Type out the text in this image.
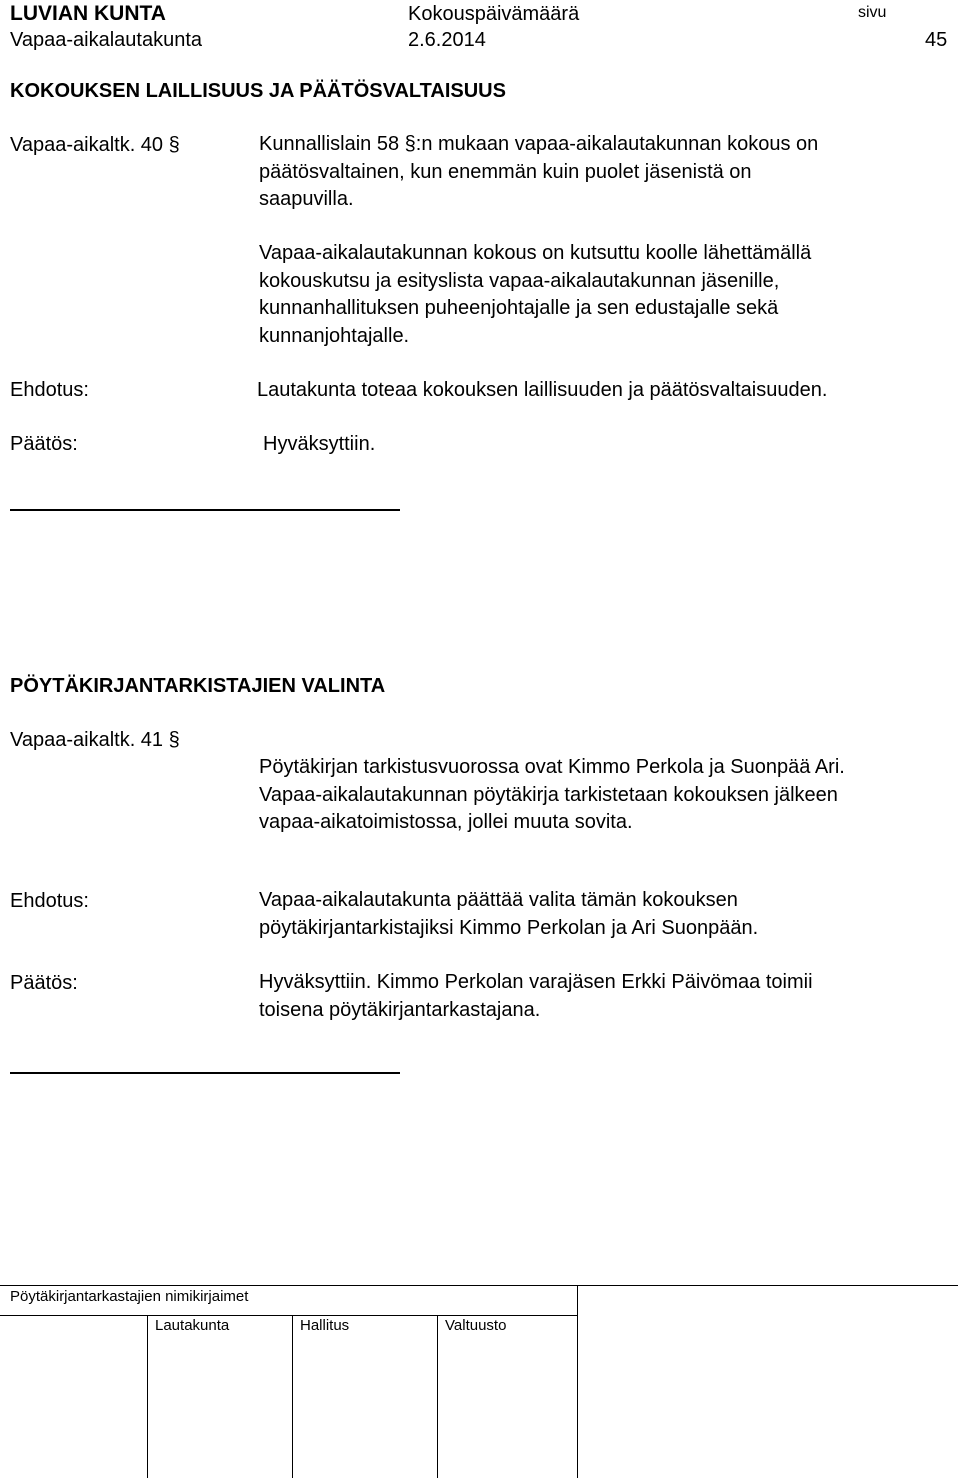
LUVIAN KUNTA	Kokouspäivämäärä	sivu
Vapaa-aikalautakunta	2.6.2014	45
KOKOUKSEN LAILLISUUS JA PÄÄTÖSVALTAISUUS
Vapaa-aikaltk. 40 §	Kunnallislain 58 §:n mukaan vapaa-aikalautakunnan kokous on
päätösvaltainen, kun enemmän kuin puolet jäsenistä on
saapuvilla.
Vapaa-aikalautakunnan kokous on kutsuttu koolle lähettämällä
kokouskutsu ja esityslista vapaa-aikalautakunnan jäsenille,
kunnanhallituksen puheenjohtajalle ja sen edustajalle sekä
kunnanjohtajalle.
Ehdotus:	Lautakunta toteaa kokouksen laillisuuden ja päätösvaltaisuuden.
Päätös:	Hyväksyttiin.
PÖYTÄKIRJANTARKISTAJIEN VALINTA
Vapaa-aikaltk. 41 §
Pöytäkirjan tarkistusvuorossa ovat Kimmo Perkola ja Suonpää Ari.
Vapaa-aikalautakunnan pöytäkirja tarkistetaan kokouksen jälkeen
vapaa-aikatoimistossa, jollei muuta sovita.
Ehdotus:	Vapaa-aikalautakunta päättää valita tämän kokouksen
pöytäkirjantarkistajiksi Kimmo Perkolan ja Ari Suonpään.
Päätös:	Hyväksyttiin. Kimmo Perkolan varajäsen Erkki Päivömaa toimii
toisena pöytäkirjantarkastajana.
Pöytäkirjantarkastajien nimikirjaimet
Lautakunta	Hallitus	Valtuusto
